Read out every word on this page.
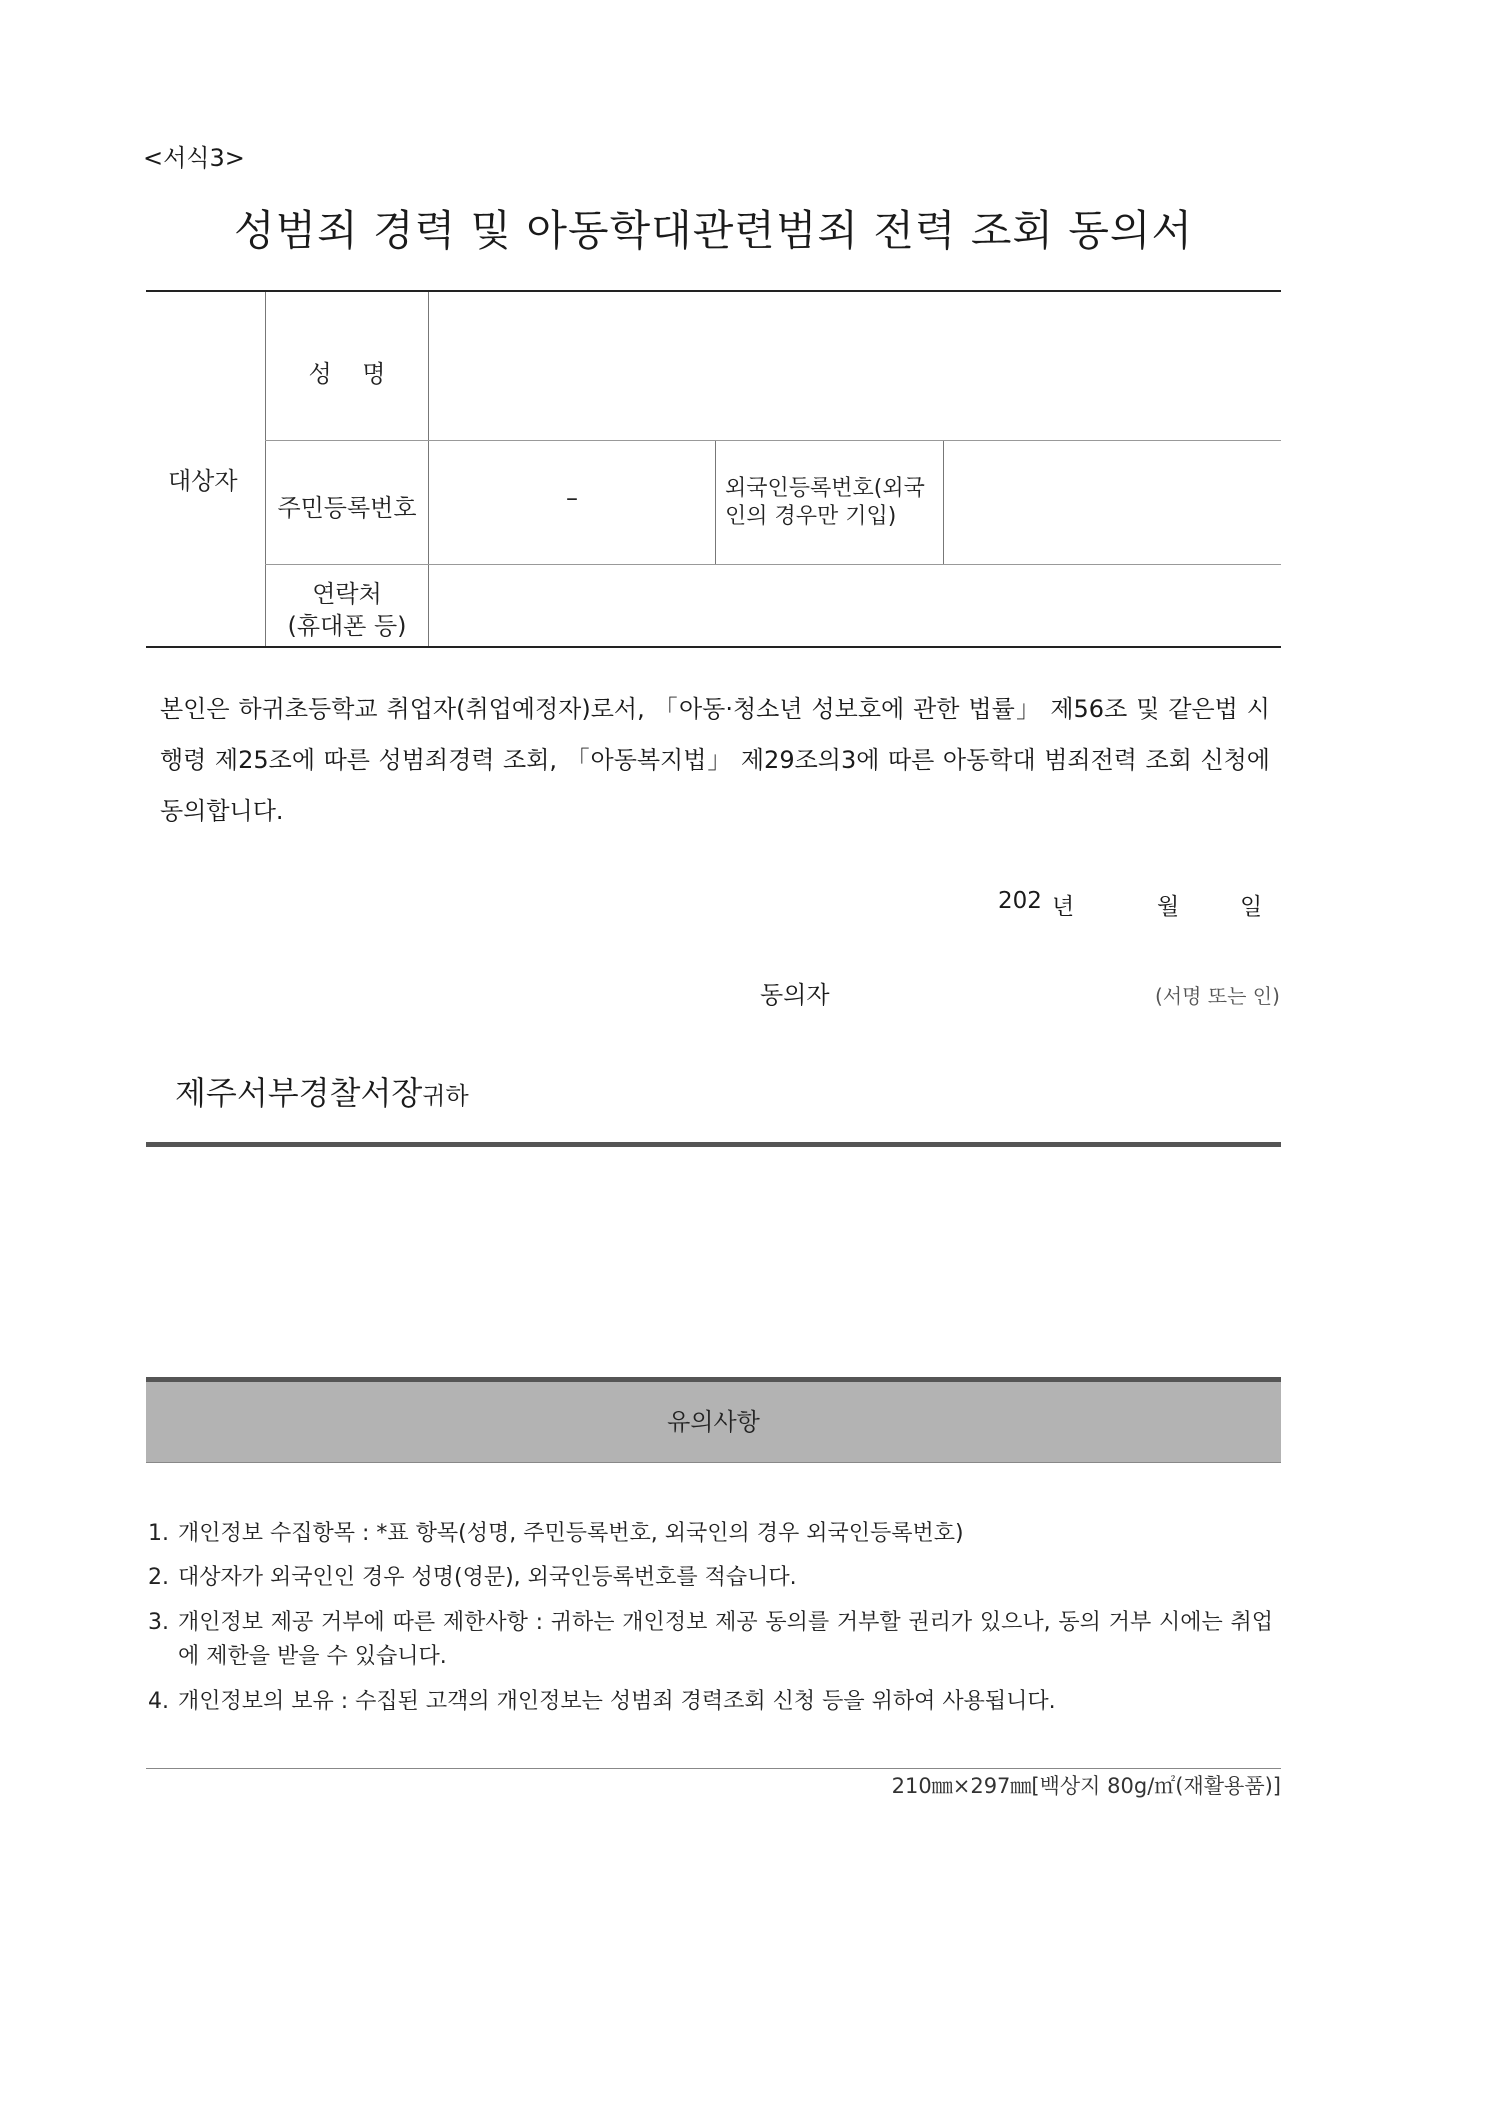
<서식3>
성범죄 경력 및 아동학대관련범죄 전력 조회 동의서
대상자
성    명
주민등록번호	–	외국인등록번호(외국인의 경우만 기입)
연락처
(휴대폰 등)
본인은 하귀초등학교 취업자(취업예정자)로서, 「아동·청소년 성보호에 관한 법률」 제56조 및 같은법 시행령 제25조에 따른 성범죄경력 조회, 「아동복지법」 제29조의3에 따른 아동학대 범죄전력 조회 신청에 동의합니다.
202 년	월	일
동의자	(서명 또는 인)
제주서부경찰서장귀하
유의사항
1. 개인정보 수집항목 : *표 항목(성명, 주민등록번호, 외국인의 경우 외국인등록번호)
2. 대상자가 외국인인 경우 성명(영문), 외국인등록번호를 적습니다.
3. 개인정보 제공 거부에 따른 제한사항 : 귀하는 개인정보 제공 동의를 거부할 권리가 있으나, 동의 거부 시에는 취업에 제한을 받을 수 있습니다.
4. 개인정보의 보유 : 수집된 고객의 개인정보는 성범죄 경력조회 신청 등을 위하여 사용됩니다.
210㎜×297㎜[백상지 80g/㎡(재활용품)]
